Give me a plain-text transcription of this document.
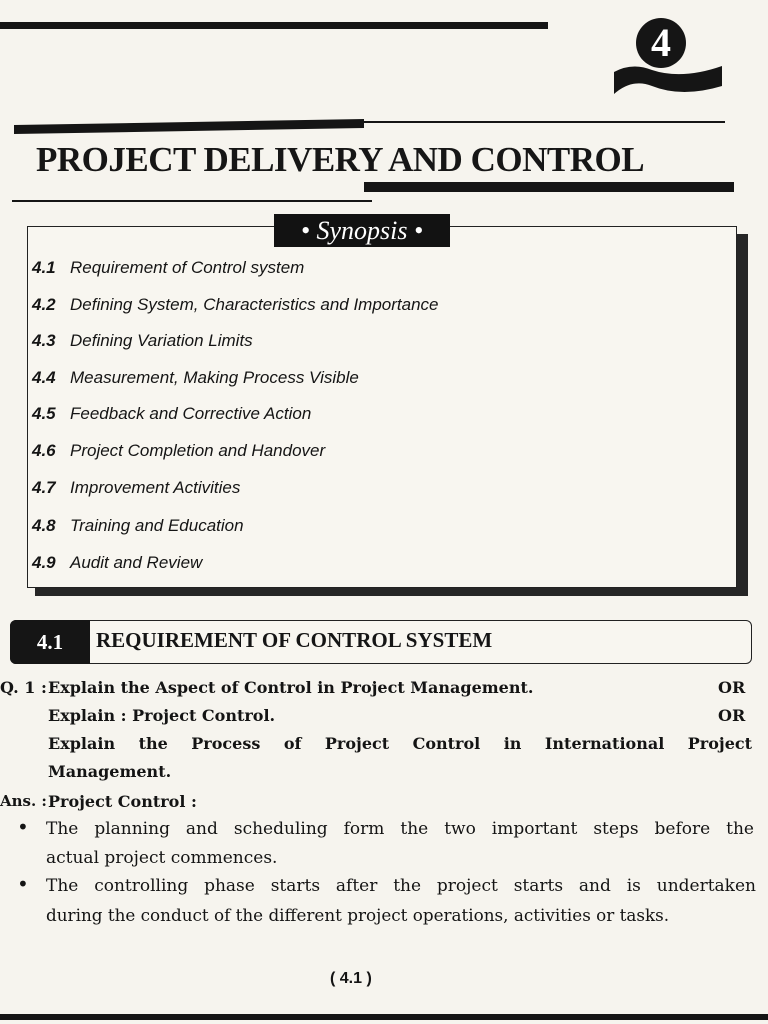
4
PROJECT DELIVERY AND CONTROL
• Synopsis •
4.1 Requirement of Control system
4.2 Defining System, Characteristics and Importance
4.3 Defining Variation Limits
4.4 Measurement, Making Process Visible
4.5 Feedback and Corrective Action
4.6 Project Completion and Handover
4.7 Improvement Activities
4.8 Training and Education
4.9 Audit and Review
4.1	REQUIREMENT OF CONTROL SYSTEM
Q. 1 : Explain the Aspect of Control in Project Management.	OR
Explain : Project Control.	OR
Explain the Process of Project Control in International Project
Management.
Ans. : Project Control :
• The planning and scheduling form the two important steps before the
actual project commences.
• The controlling phase starts after the project starts and is undertaken
during the conduct of the different project operations, activities or tasks.
( 4.1 )
